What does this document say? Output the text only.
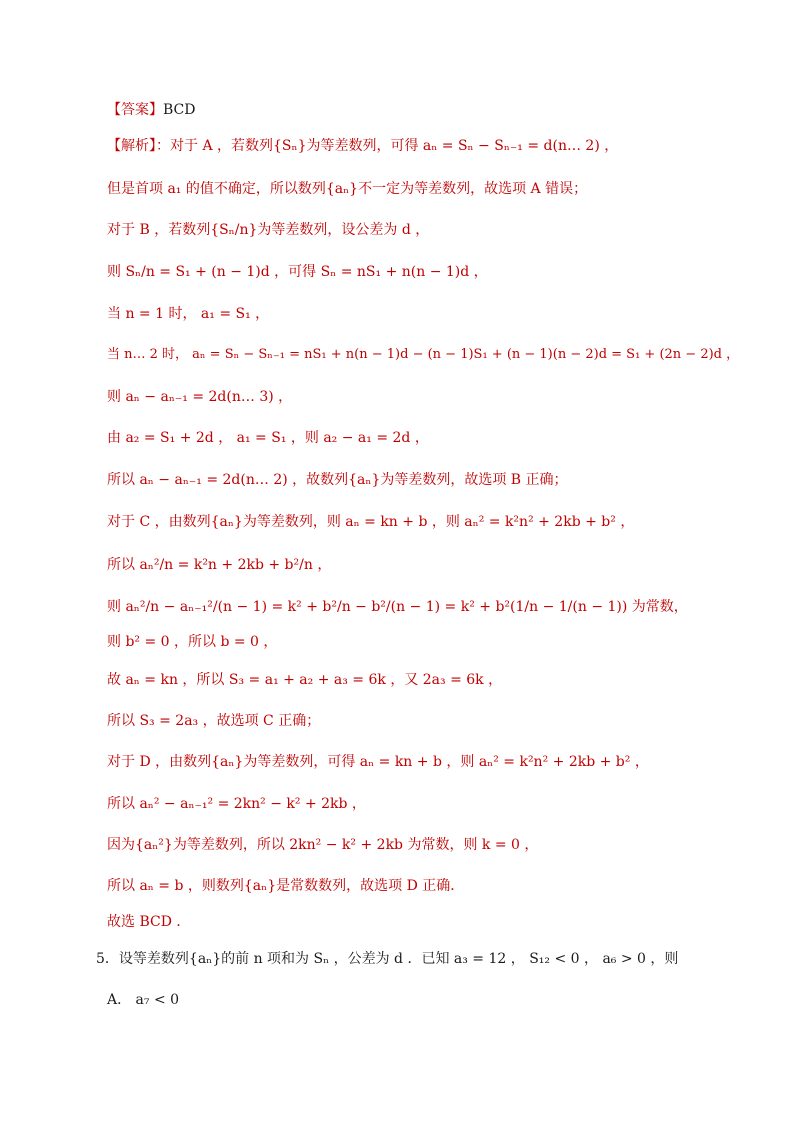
【答案】BCD
【解析】：对于 A ，若数列{Sₙ}为等差数列，可得 aₙ = Sₙ − Sₙ₋₁ = d(n… 2) ，
但是首项 a₁ 的值不确定，所以数列{aₙ}不一定为等差数列，故选项 A 错误；
对于 B ，若数列{Sₙ/n}为等差数列，设公差为 d ，
则 Sₙ/n = S₁ + (n − 1)d ，可得 Sₙ = nS₁ + n(n − 1)d ，
当 n = 1 时， a₁ = S₁ ，
当 n… 2 时， aₙ = Sₙ − Sₙ₋₁ = nS₁ + n(n − 1)d − (n − 1)S₁ + (n − 1)(n − 2)d = S₁ + (2n − 2)d ，
则 aₙ − aₙ₋₁ = 2d(n… 3) ，
由 a₂ = S₁ + 2d ， a₁ = S₁ ，则 a₂ − a₁ = 2d ，
所以 aₙ − aₙ₋₁ = 2d(n… 2) ，故数列{aₙ}为等差数列，故选项 B 正确；
对于 C ，由数列{aₙ}为等差数列，则 aₙ = kn + b ，则 aₙ² = k²n² + 2kb + b² ，
所以 aₙ²/n = k²n + 2kb + b²/n ，
则 aₙ²/n − aₙ₋₁²/(n − 1) = k² + b²/n − b²/(n − 1) = k² + b²(1/n − 1/(n − 1)) 为常数，
则 b² = 0 ，所以 b = 0 ，
故 aₙ = kn ，所以 S₃ = a₁ + a₂ + a₃ = 6k ，又 2a₃ = 6k ，
所以 S₃ = 2a₃ ，故选项 C 正确；
对于 D ，由数列{aₙ}为等差数列，可得 aₙ = kn + b ，则 aₙ² = k²n² + 2kb + b² ，
所以 aₙ² − aₙ₋₁² = 2kn² − k² + 2kb ，
因为{aₙ²}为等差数列，所以 2kn² − k² + 2kb 为常数，则 k = 0 ，
所以 aₙ = b ，则数列{aₙ}是常数数列，故选项 D 正确．
故选 BCD ．
5．设等差数列{aₙ}的前 n 项和为 Sₙ ，公差为 d ．已知 a₃ = 12 ， S₁₂ < 0 ， a₆ > 0 ，则
A． a₇ < 0
